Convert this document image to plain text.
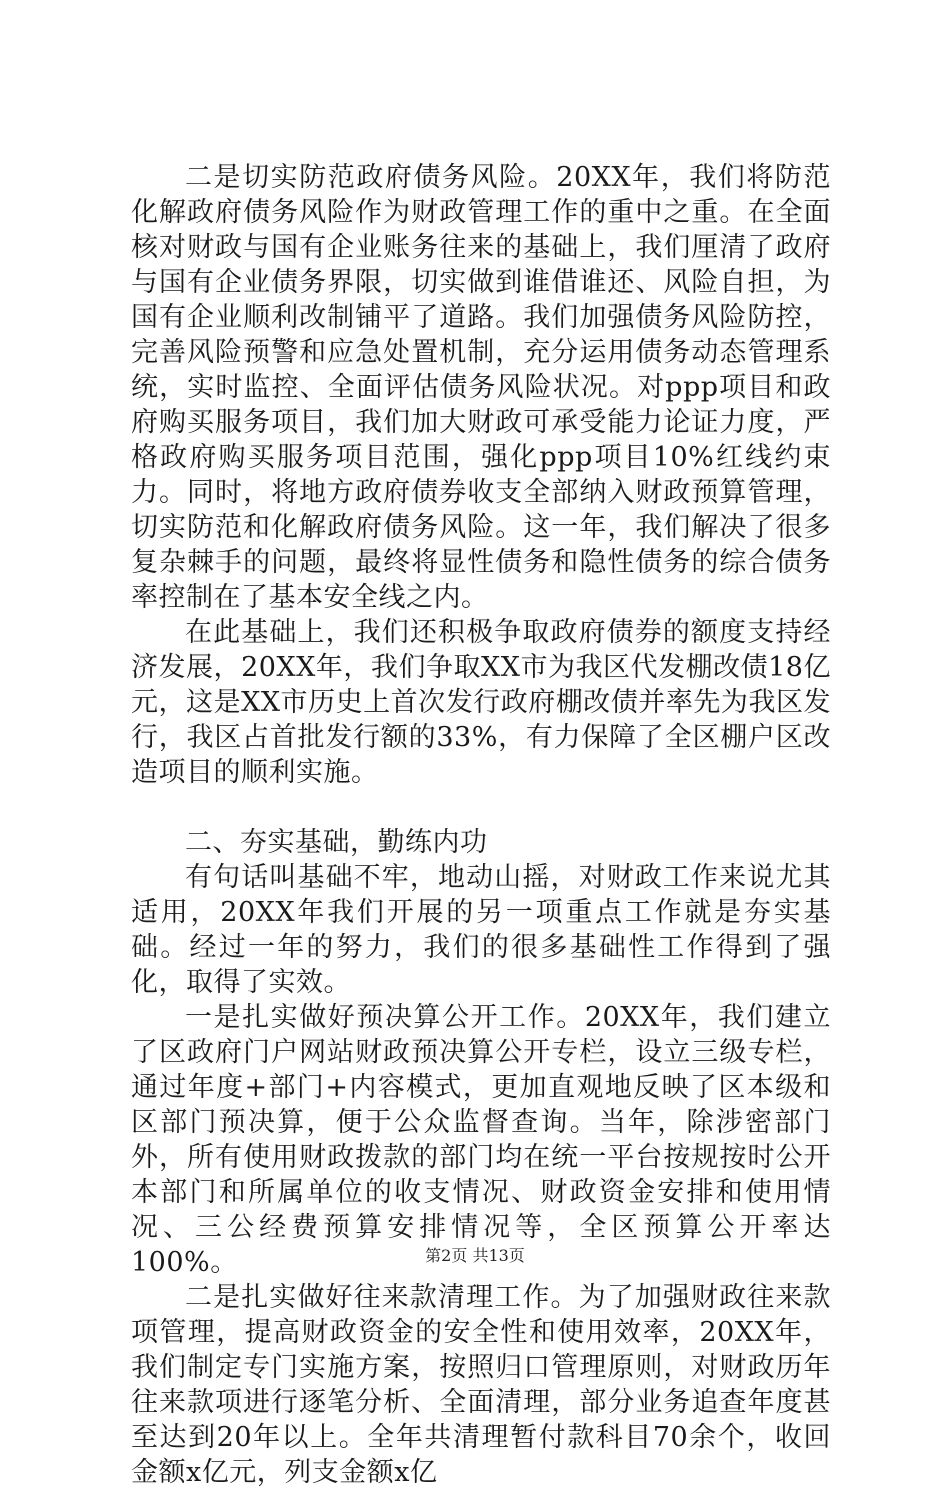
二是切实防范政府债务风险。20XX年，我们将防范化解政府债务风险作为财政管理工作的重中之重。在全面核对财政与国有企业账务往来的基础上，我们厘清了政府与国有企业债务界限，切实做到谁借谁还、风险自担，为国有企业顺利改制铺平了道路。我们加强债务风险防控，完善风险预警和应急处置机制，充分运用债务动态管理系统，实时监控、全面评估债务风险状况。对ppp项目和政府购买服务项目，我们加大财政可承受能力论证力度，严格政府购买服务项目范围，强化ppp项目10%红线约束力。同时，将地方政府债券收支全部纳入财政预算管理，切实防范和化解政府债务风险。这一年，我们解决了很多复杂棘手的问题，最终将显性债务和隐性债务的综合债务率控制在了基本安全线之内。

在此基础上，我们还积极争取政府债券的额度支持经济发展，20XX年，我们争取XX市为我区代发棚改债18亿元，这是XX市历史上首次发行政府棚改债并率先为我区发行，我区占首批发行额的33%，有力保障了全区棚户区改造项目的顺利实施。

二、夯实基础，勤练内功

有句话叫基础不牢，地动山摇，对财政工作来说尤其适用，20XX年我们开展的另一项重点工作就是夯实基础。经过一年的努力，我们的很多基础性工作得到了强化，取得了实效。

一是扎实做好预决算公开工作。20XX年，我们建立了区政府门户网站财政预决算公开专栏，设立三级专栏，通过年度+部门+内容模式，更加直观地反映了区本级和区部门预决算，便于公众监督查询。当年，除涉密部门外，所有使用财政拨款的部门均在统一平台按规按时公开本部门和所属单位的收支情况、财政资金安排和使用情况、三公经费预算安排情况等，全区预算公开率达100%。

二是扎实做好往来款清理工作。为了加强财政往来款项管理，提高财政资金的安全性和使用效率，20XX年，我们制定专门实施方案，按照归口管理原则，对财政历年往来款项进行逐笔分析、全面清理，部分业务追查年度甚至达到20年以上。全年共清理暂付款科目70余个，收回金额x亿元，列支金额x亿

第2页 共13页
